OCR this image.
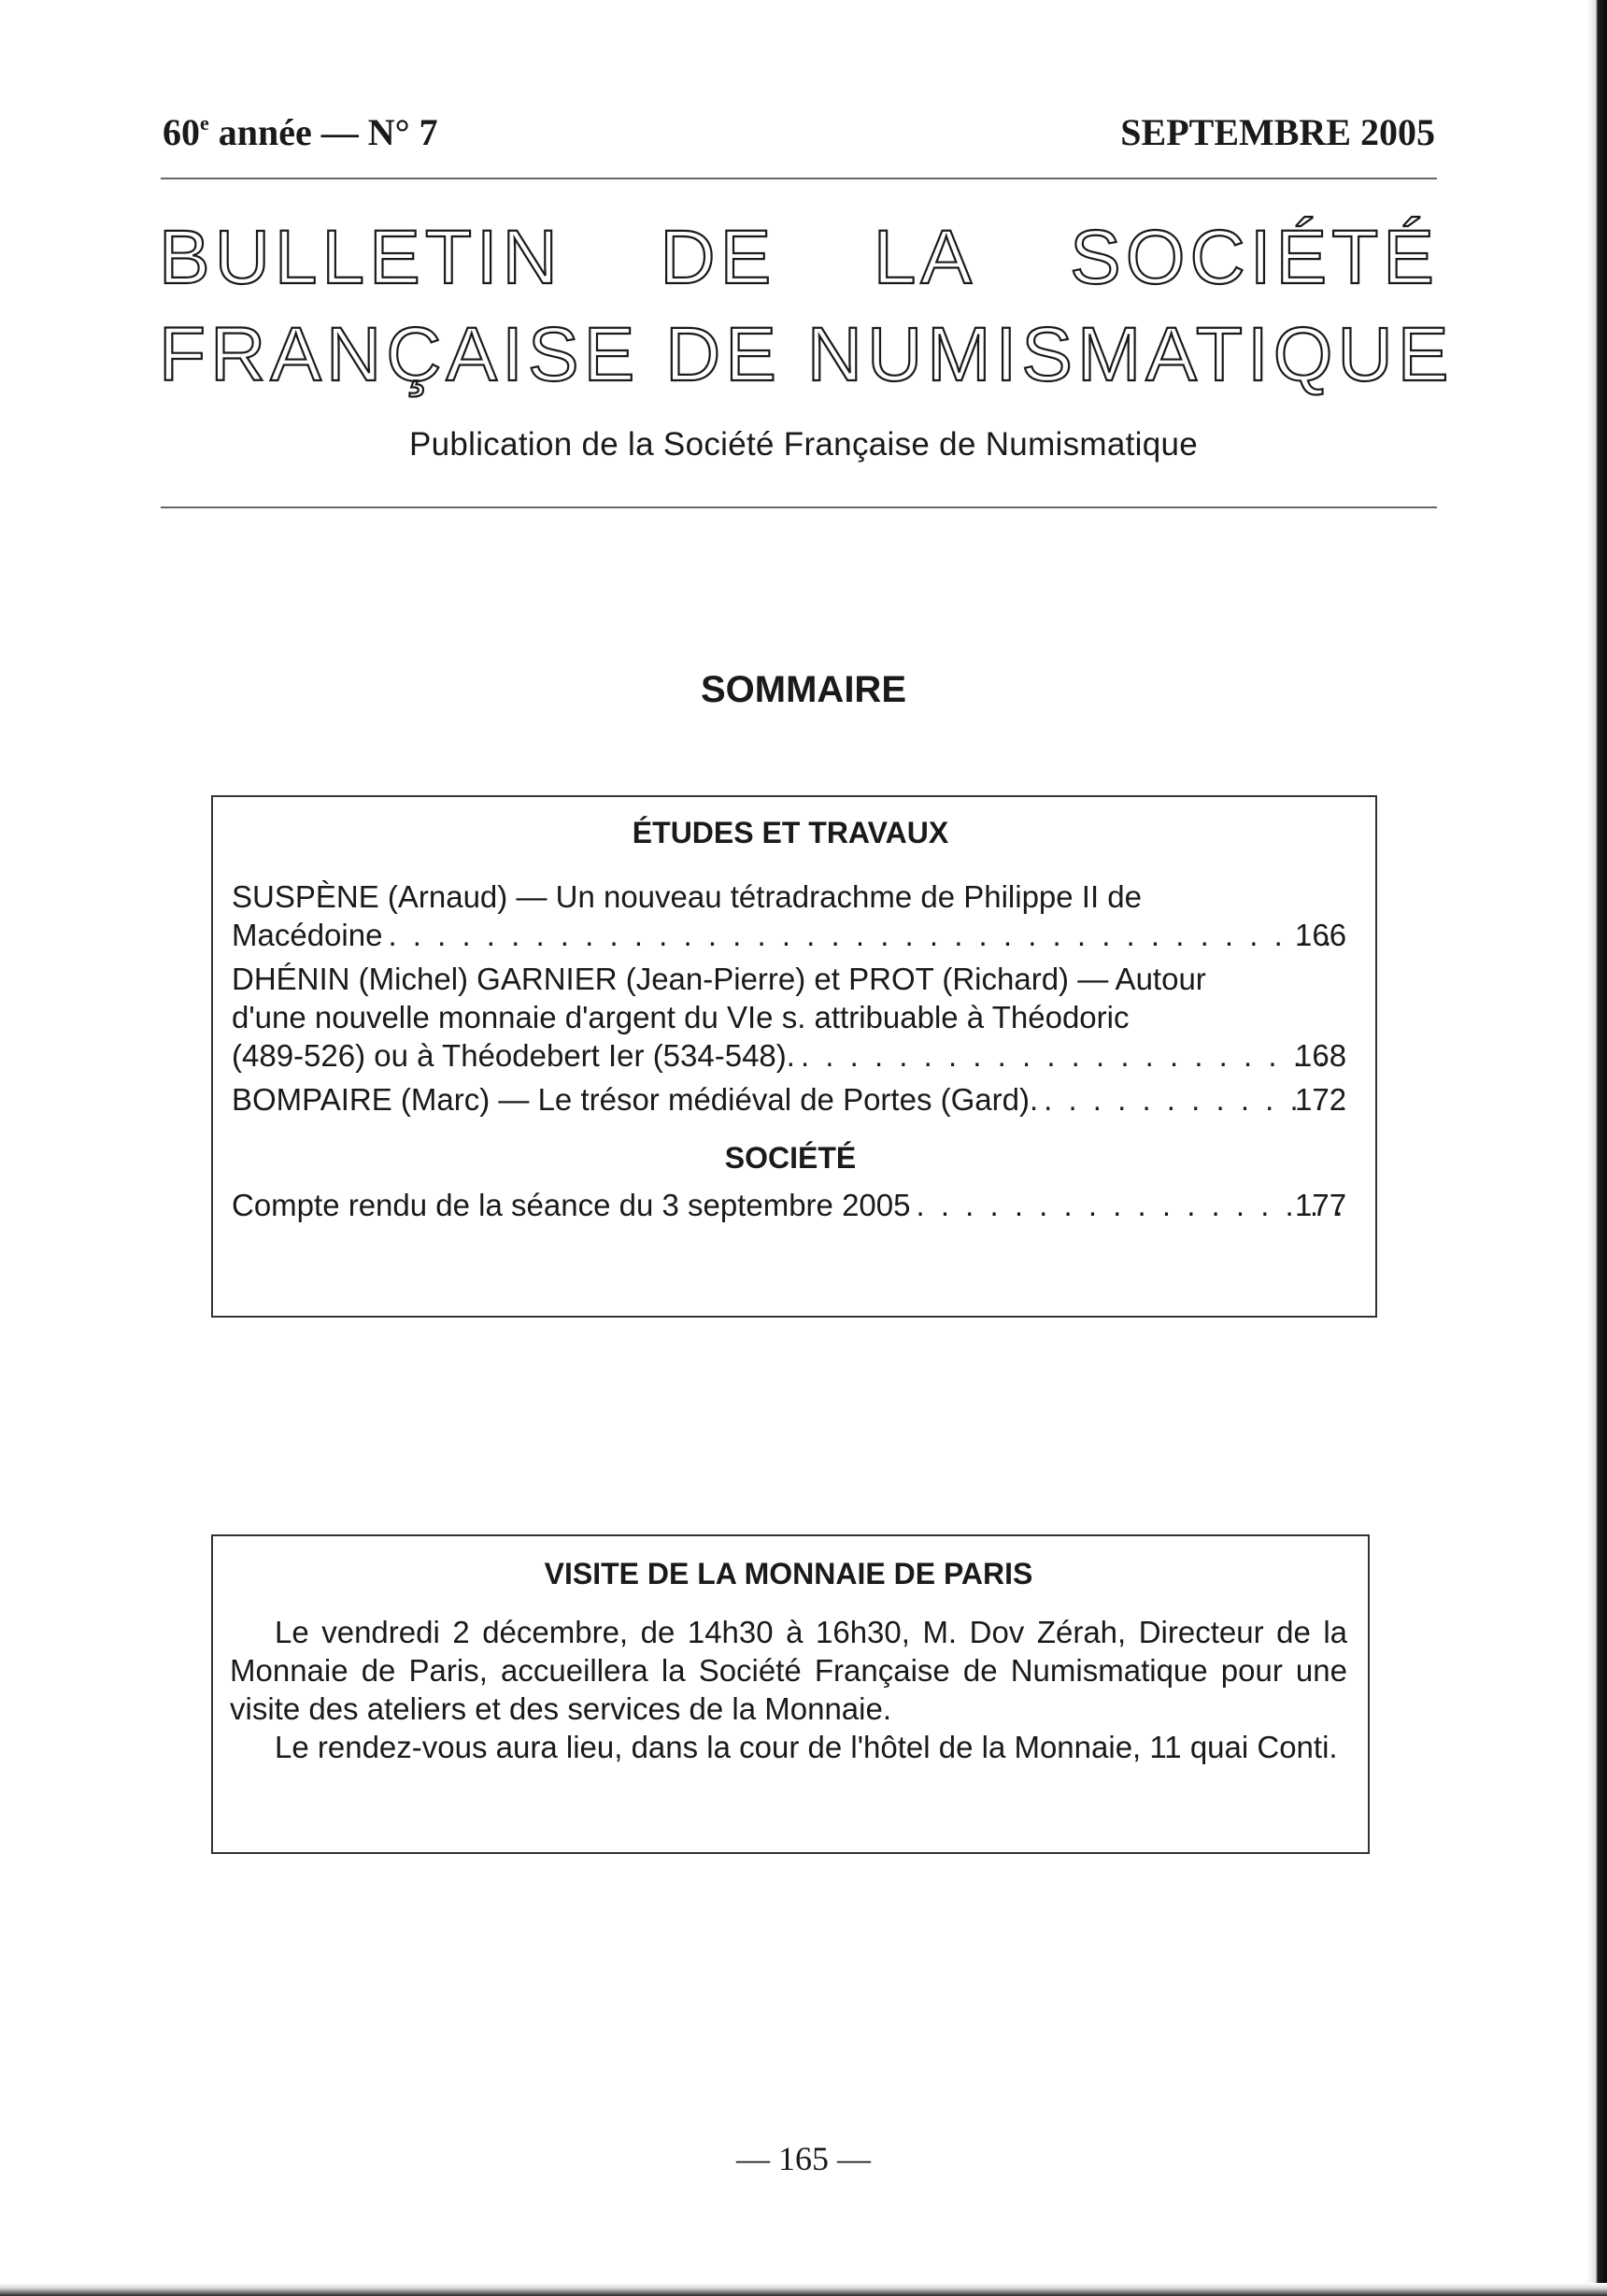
60e année — N° 7	SEPTEMBRE 2005
BULLETIN DE LA SOCIÉTÉ
FRANÇAISE DE NUMISMATIQUE
Publication de la Société Française de Numismatique
SOMMAIRE
ÉTUDES ET TRAVAUX
SUSPÈNE (Arnaud) — Un nouveau tétradrachme de Philippe II de
Macédoine . . .	166
DHÉNIN (Michel) GARNIER (Jean-Pierre) et PROT (Richard) — Autour
d'une nouvelle monnaie d'argent du VIe s. attribuable à Théodoric
(489-526) ou à Théodebert Ier (534-548). . . .	168
BOMPAIRE (Marc) — Le trésor médiéval de Portes (Gard). . . .	172
SOCIÉTÉ
Compte rendu de la séance du 3 septembre 2005 . . .	177
VISITE DE LA MONNAIE DE PARIS

Le vendredi 2 décembre, de 14h30 à 16h30, M. Dov Zérah, Directeur de la Monnaie de Paris, accueillera la Société Française de Numismatique pour une visite des ateliers et des services de la Monnaie.

Le rendez-vous aura lieu, dans la cour de l'hôtel de la Monnaie, 11 quai Conti.

— 165 —
